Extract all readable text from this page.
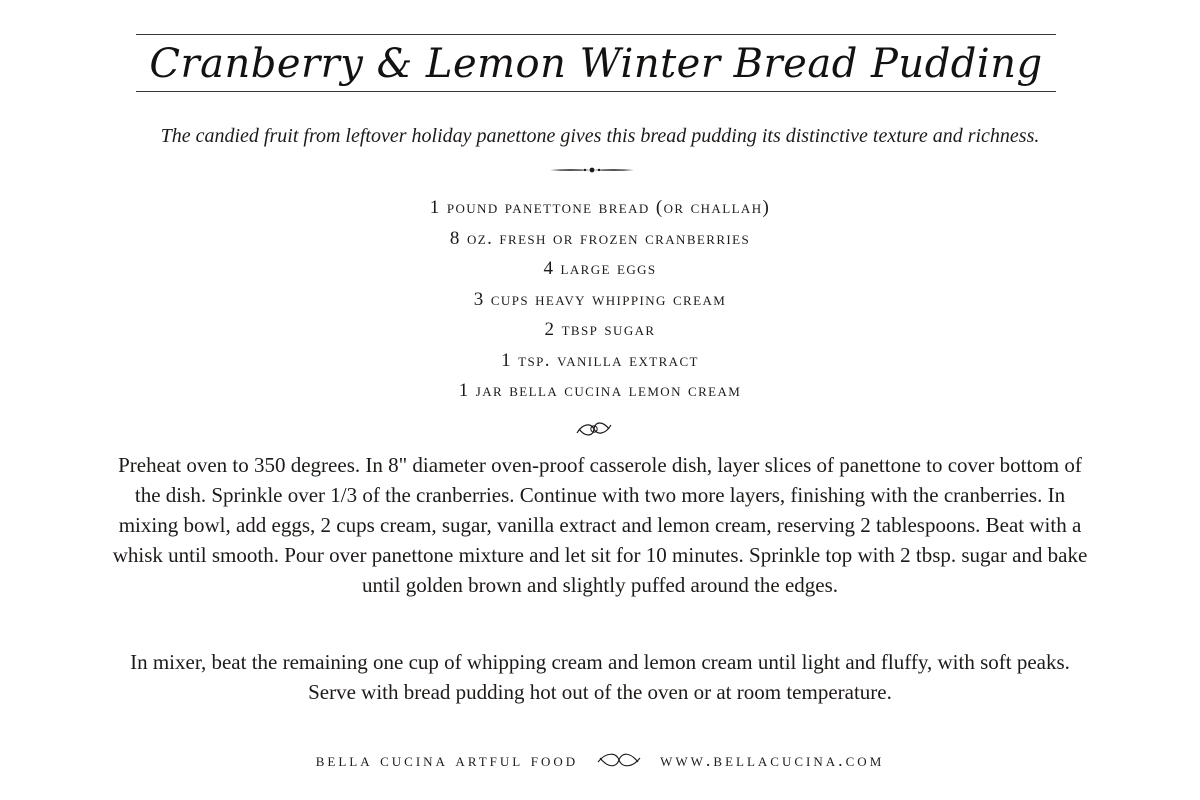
Cranberry & Lemon Winter Bread Pudding

The candied fruit from leftover holiday panettone gives this bread pudding its distinctive texture and richness.

1 pound panettone bread (or challah)
8 oz. fresh or frozen cranberries
4 large eggs
3 cups heavy whipping cream
2 tbsp sugar
1 tsp. vanilla extract
1 jar bella cucina lemon cream

Preheat oven to 350 degrees. In 8" diameter oven-proof casserole dish, layer slices of panettone to cover bottom of the dish. Sprinkle over 1/3 of the cranberries. Continue with two more layers, finishing with the cranberries. In mixing bowl, add eggs, 2 cups cream, sugar, vanilla extract and lemon cream, reserving 2 tablespoons. Beat with a whisk until smooth. Pour over panettone mixture and let sit for 10 minutes. Sprinkle top with 2 tbsp. sugar and bake until golden brown and slightly puffed around the edges.

In mixer, beat the remaining one cup of whipping cream and lemon cream until light and fluffy, with soft peaks. Serve with bread pudding hot out of the oven or at room temperature.

bella cucina artful food	www.bellacucina.com
